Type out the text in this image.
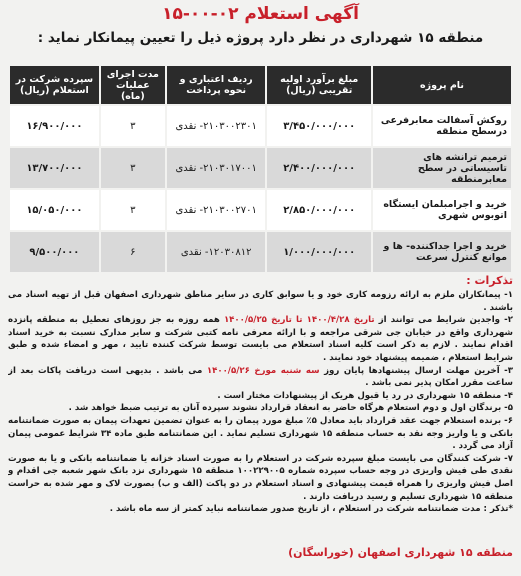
آگهی استعلام ۰۲-۰۰-۱۵
منطقه ۱۵ شهرداری در نظر دارد پروژه ذیل را تعیین پیمانکار نماید :
نام پروژه	مبلغ برآورد اولیه تقریبی (ریال)	ردیف اعتباری و نحوه پرداخت	مدت اجرای عملیات (ماه)	سپرده شرکت در استعلام (ریال)
روکش آسفالت معابرفرعی درسطح منطقه	۳/۴۵۰/۰۰۰/۰۰۰	۲۱۰۳۰۰۲۳۰۱- نقدی	۳	۱۶/۹۰۰/۰۰۰
ترمیم ترانشه های تاسیساتی در سطح معابرمنطقه	۲/۴۰۰/۰۰۰/۰۰۰	۲۱۰۳۰۱۷۰۰۱- نقدی	۳	۱۳/۷۰۰/۰۰۰
خرید و اجرامبلمان ایستگاه اتوبوس شهری	۲/۸۵۰/۰۰۰/۰۰۰	۲۱۰۳۰۰۲۷۰۱- نقدی	۳	۱۵/۰۵۰/۰۰۰
خرید و اجرا جداکننده- ها و موانع کنترل سرعت	۱/۰۰۰/۰۰۰/۰۰۰	۱۲۰۳۰۸۱۲- نقدی	۶	۹/۵۰۰/۰۰۰
تذکرات :

۱- پیمانکاران ملزم به ارائه رزومه کاری خود و یا سوابق کاری در سایر مناطق شهرداری اصفهان قبل از تهیه اسناد می باشند .

۲- واجدین شرایط می توانند از تاریخ ۱۴۰۰/۴/۲۸ تا تاریخ ۱۴۰۰/۵/۲۵ همه روزه به جز روزهای تعطیل به منطقه پانزده شهرداری واقع در خیابان جی شرقی مراجعه و با ارائه معرفی نامه کتبی شرکت و سایر مدارک نسبت به خرید اسناد اقدام نمایند . لازم به ذکر است کلیه اسناد استعلام می بایست توسط شرکت کننده تایید ، مهر و امضاء شده و طبق شرایط استعلام ، ضمیمه پیشنهاد خود نمایند .

۳- آخرین مهلت ارسال پیشنهادها پایان روز سه شنبه مورخ ۱۴۰۰/۵/۲۶ می باشد . بدیهی است دریافت پاکات بعد از ساعت مقرر امکان پذیر نمی باشد .

۴- منطقه ۱۵ شهرداری در رد یا قبول هریک از پیشنهادات مختار است .

۵- برندگان اول و دوم استعلام هرگاه حاضر به انعقاد قرارداد نشوند سپرده آنان به ترتیب ضبط خواهد شد .

۶- برنده استعلام جهت عقد قرارداد باید معادل ۵٪ مبلغ مورد پیمان را به عنوان تضمین تعهدات پیمان به صورت ضمانتنامه بانکی و یا واریز وجه نقد به حساب منطقه ۱۵ شهرداری تسلیم نماید . این ضمانتنامه طبق ماده ۳۴ شرایط عمومی پیمان آزاد می گردد .

۷- شرکت کنندگان می بایست مبلغ سپرده شرکت در استعلام را به صورت اسناد خزانه یا ضمانتنامه بانکی و یا به صورت نقدی طی فیش واریزی در وجه حساب سپرده شماره ۱۰۰۲۲۹۰۰۵ منطقه ۱۵ شهرداری نزد بانک شهر شعبه جی اقدام و اصل فیش واریزی را همراه قیمت پیشنهادی و اسناد استعلام در دو پاکت (الف و ب) بصورت لاک و مهر شده به حراست منطقه ۱۵ شهرداری تسلیم و رسید دریافت دارند .

*تذکر : مدت ضمانتنامه شرکت در استعلام ، از تاریخ صدور ضمانتنامه نباید کمتر از سه ماه باشد .

منطقه ۱۵ شهرداری اصفهان (خوراسگان)
